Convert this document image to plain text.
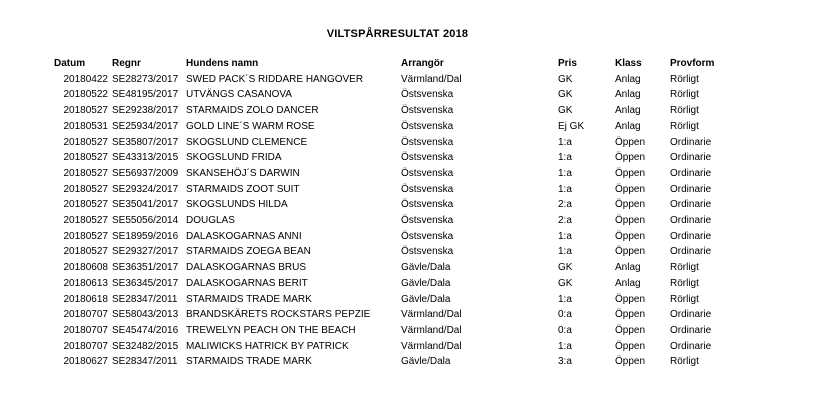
VILTSPÅRRESULTAT 2018
Datum	Regnr	Hundens namn	Arrangör	Pris	Klass	Provform
20180422	SE28273/2017	SWED PACK´S RIDDARE HANGOVER	Värmland/Dal	GK	Anlag	Rörligt
20180522	SE48195/2017	UTVÄNGS CASANOVA	Östsvenska	GK	Anlag	Rörligt
20180527	SE29238/2017	STARMAIDS ZOLO DANCER	Östsvenska	GK	Anlag	Rörligt
20180531	SE25934/2017	GOLD LINE´S WARM ROSE	Östsvenska	Ej GK	Anlag	Rörligt
20180527	SE35807/2017	SKOGSLUND CLEMENCE	Östsvenska	1:a	Öppen	Ordinarie
20180527	SE43313/2015	SKOGSLUND FRIDA	Östsvenska	1:a	Öppen	Ordinarie
20180527	SE56937/2009	SKANSEHÖJ´S DARWIN	Östsvenska	1:a	Öppen	Ordinarie
20180527	SE29324/2017	STARMAIDS ZOOT SUIT	Östsvenska	1:a	Öppen	Ordinarie
20180527	SE35041/2017	SKOGSLUNDS HILDA	Östsvenska	2:a	Öppen	Ordinarie
20180527	SE55056/2014	DOUGLAS	Östsvenska	2:a	Öppen	Ordinarie
20180527	SE18959/2016	DALASKOGARNAS ANNI	Östsvenska	1:a	Öppen	Ordinarie
20180527	SE29327/2017	STARMAIDS ZOEGA BEAN	Östsvenska	1:a	Öppen	Ordinarie
20180608	SE36351/2017	DALASKOGARNAS BRUS	Gävle/Dala	GK	Anlag	Rörligt
20180613	SE36345/2017	DALASKOGARNAS BERIT	Gävle/Dala	GK	Anlag	Rörligt
20180618	SE28347/2011	STARMAIDS TRADE MARK	Gävle/Dala	1:a	Öppen	Rörligt
20180707	SE58043/2013	BRANDSKÄRETS ROCKSTARS PEPZIE	Värmland/Dal	0:a	Öppen	Ordinarie
20180707	SE45474/2016	TREWELYN PEACH ON THE BEACH	Värmland/Dal	0:a	Öppen	Ordinarie
20180707	SE32482/2015	MALIWICKS HATRICK BY PATRICK	Värmland/Dal	1:a	Öppen	Ordinarie
20180627	SE28347/2011	STARMAIDS TRADE MARK	Gävle/Dala	3:a	Öppen	Rörligt
